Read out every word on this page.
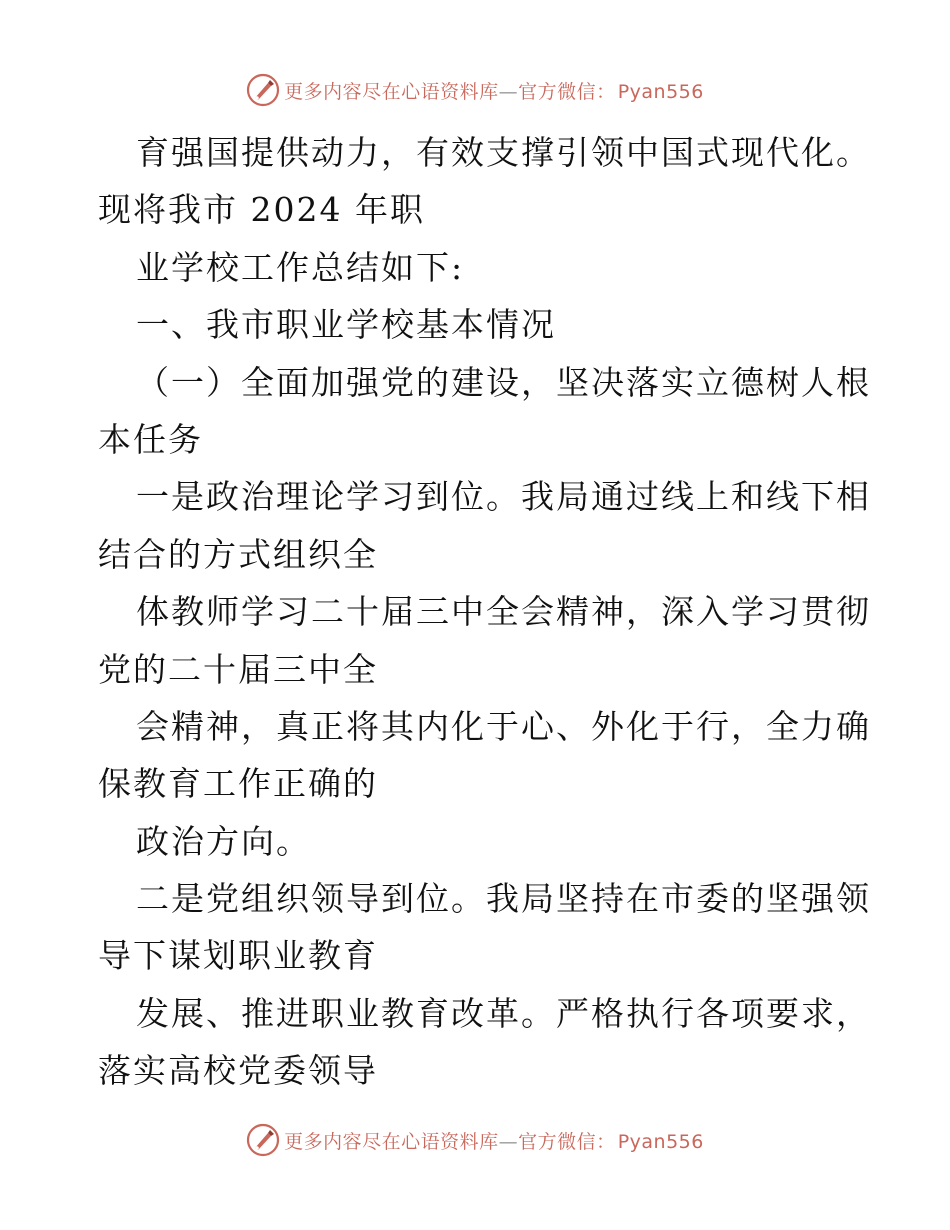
更多内容尽在心语资料库—官方微信： Pyan556
育强国提供动力，有效支撑引领中国式现代化。
现将我市 2024 年职
业学校工作总结如下:
一、我市职业学校基本情况
（一）全面加强党的建设，坚决落实立德树人根
本任务
一是政治理论学习到位。我局通过线上和线下相
结合的方式组织全
体教师学习二十届三中全会精神，深入学习贯彻
党的二十届三中全
会精神，真正将其内化于心、外化于行，全力确
保教育工作正确的
政治方向。
二是党组织领导到位。我局坚持在市委的坚强领
导下谋划职业教育
发展、推进职业教育改革。严格执行各项要求，
落实高校党委领导
更多内容尽在心语资料库—官方微信： Pyan556
